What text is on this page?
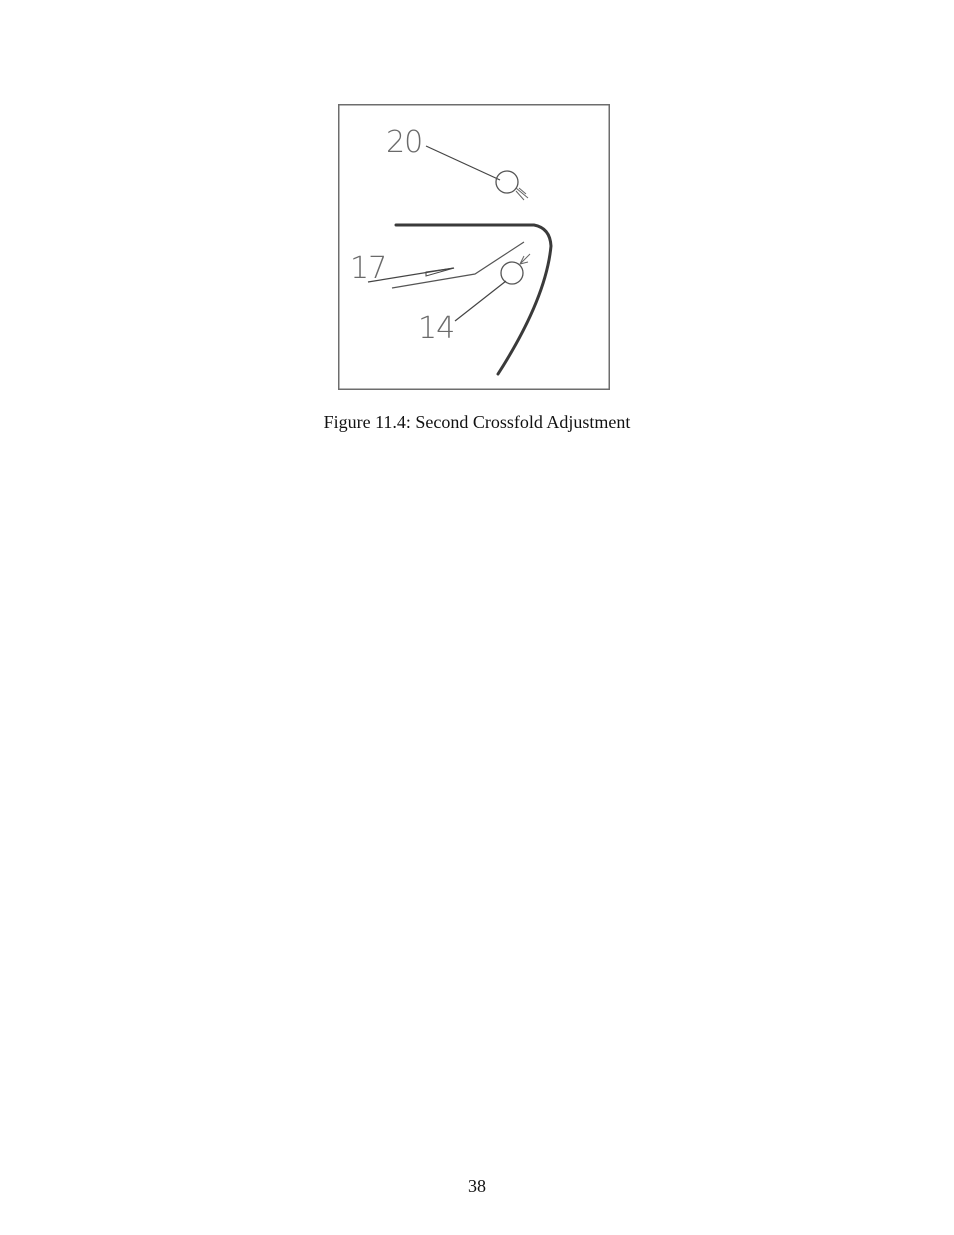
20
17
14
Figure 11.4: Second Crossfold Adjustment
38
